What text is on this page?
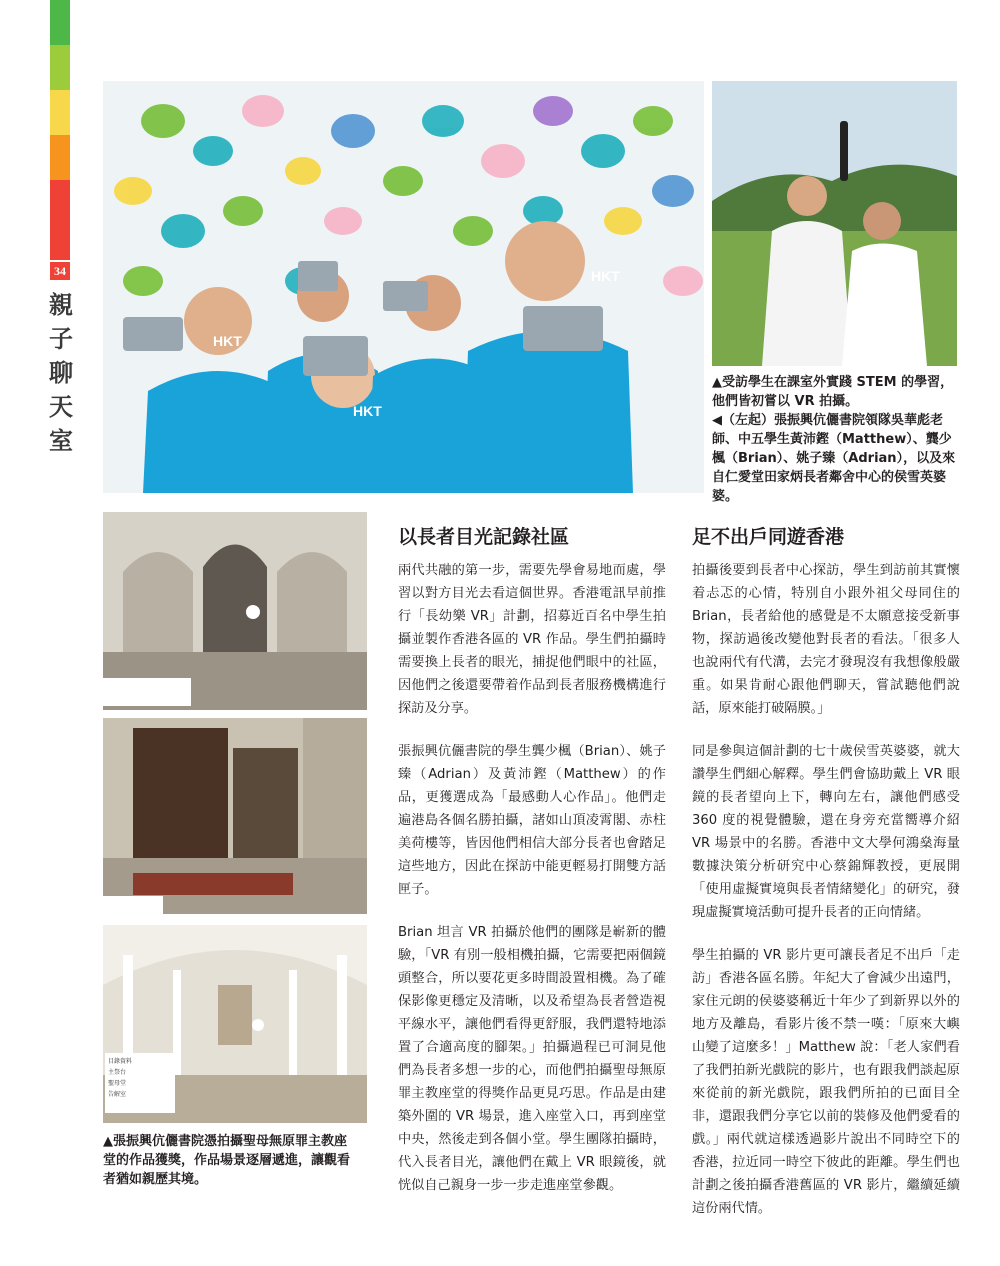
34
親子聊天室
HKT
HKT
HKT
▲受訪學生在課室外實踐 STEM 的學習，
他們皆初嘗以 VR 拍攝。
◀（左起）張振興伉儷書院領隊吳華彪老
師、中五學生黃沛鏗（Matthew）、龔少
楓（Brian）、姚子臻（Adrian），以及來
自仁愛堂田家炳長者鄰舍中心的侯雪英婆
婆。
目錄資料
主祭台
聖母堂
告解室
▲張振興伉儷書院憑拍攝聖母無原罪主教座
堂的作品獲獎，作品場景逐層遞進，讓觀看
者猶如親歷其境。
以長者目光記錄社區

兩代共融的第一步，需要先學會易地而處，學習以對方目光去看這個世界。香港電訊早前推行「長幼樂 VR」計劃，招募近百名中學生拍攝並製作香港各區的 VR 作品。學生們拍攝時需要換上長者的眼光，捕捉他們眼中的社區，因他們之後還要帶着作品到長者服務機構進行探訪及分享。

張振興伉儷書院的學生龔少楓（Brian）、姚子臻（Adrian）及黃沛鏗（Matthew）的作品，更獲選成為「最感動人心作品」。他們走遍港島各個名勝拍攝，諸如山頂凌霄閣、赤柱美荷樓等，皆因他們相信大部分長者也會踏足這些地方，因此在探訪中能更輕易打開雙方話匣子。

Brian 坦言 VR 拍攝於他們的團隊是嶄新的體驗，「VR 有別一般相機拍攝，它需要把兩個鏡頭整合，所以要花更多時間設置相機。為了確保影像更穩定及清晰，以及希望為長者營造視平線水平，讓他們看得更舒服，我們還特地添置了合適高度的腳架。」拍攝過程已可洞見他們為長者多想一步的心，而他們拍攝聖母無原罪主教座堂的得獎作品更見巧思。作品是由建築外圍的 VR 場景，進入座堂入口，再到座堂中央，然後走到各個小堂。學生團隊拍攝時，代入長者目光，讓他們在戴上 VR 眼鏡後，就恍似自己親身一步一步走進座堂參觀。

足不出戶同遊香港

拍攝後要到長者中心探訪，學生到訪前其實懷着忐忑的心情，特別自小跟外祖父母同住的 Brian，長者給他的感覺是不太願意接受新事物，探訪過後改變他對長者的看法。「很多人也說兩代有代溝，去完才發現沒有我想像般嚴重。如果肯耐心跟他們聊天，嘗試聽他們說話，原來能打破隔膜。」

同是參與這個計劃的七十歲侯雪英婆婆，就大讚學生們細心解釋。學生們會協助戴上 VR 眼鏡的長者望向上下，轉向左右，讓他們感受 360 度的視覺體驗，還在身旁充當嚮導介紹 VR 場景中的名勝。香港中文大學何鴻燊海量數據決策分析研究中心蔡錦輝教授，更展開「使用虛擬實境與長者情緒變化」的研究，發現虛擬實境活動可提升長者的正向情緒。

學生拍攝的 VR 影片更可讓長者足不出戶「走訪」香港各區名勝。年紀大了會減少出遠門，家住元朗的侯婆婆稱近十年少了到新界以外的地方及離島，看影片後不禁一嘆：「原來大嶼山變了這麼多！」Matthew 說：「老人家們看了我們拍新光戲院的影片，也有跟我們談起原來從前的新光戲院，跟我們所拍的已面目全非，還跟我們分享它以前的裝修及他們愛看的戲。」兩代就這樣透過影片說出不同時空下的香港，拉近同一時空下彼此的距離。學生們也計劃之後拍攝香港舊區的 VR 影片，繼續延續這份兩代情。
